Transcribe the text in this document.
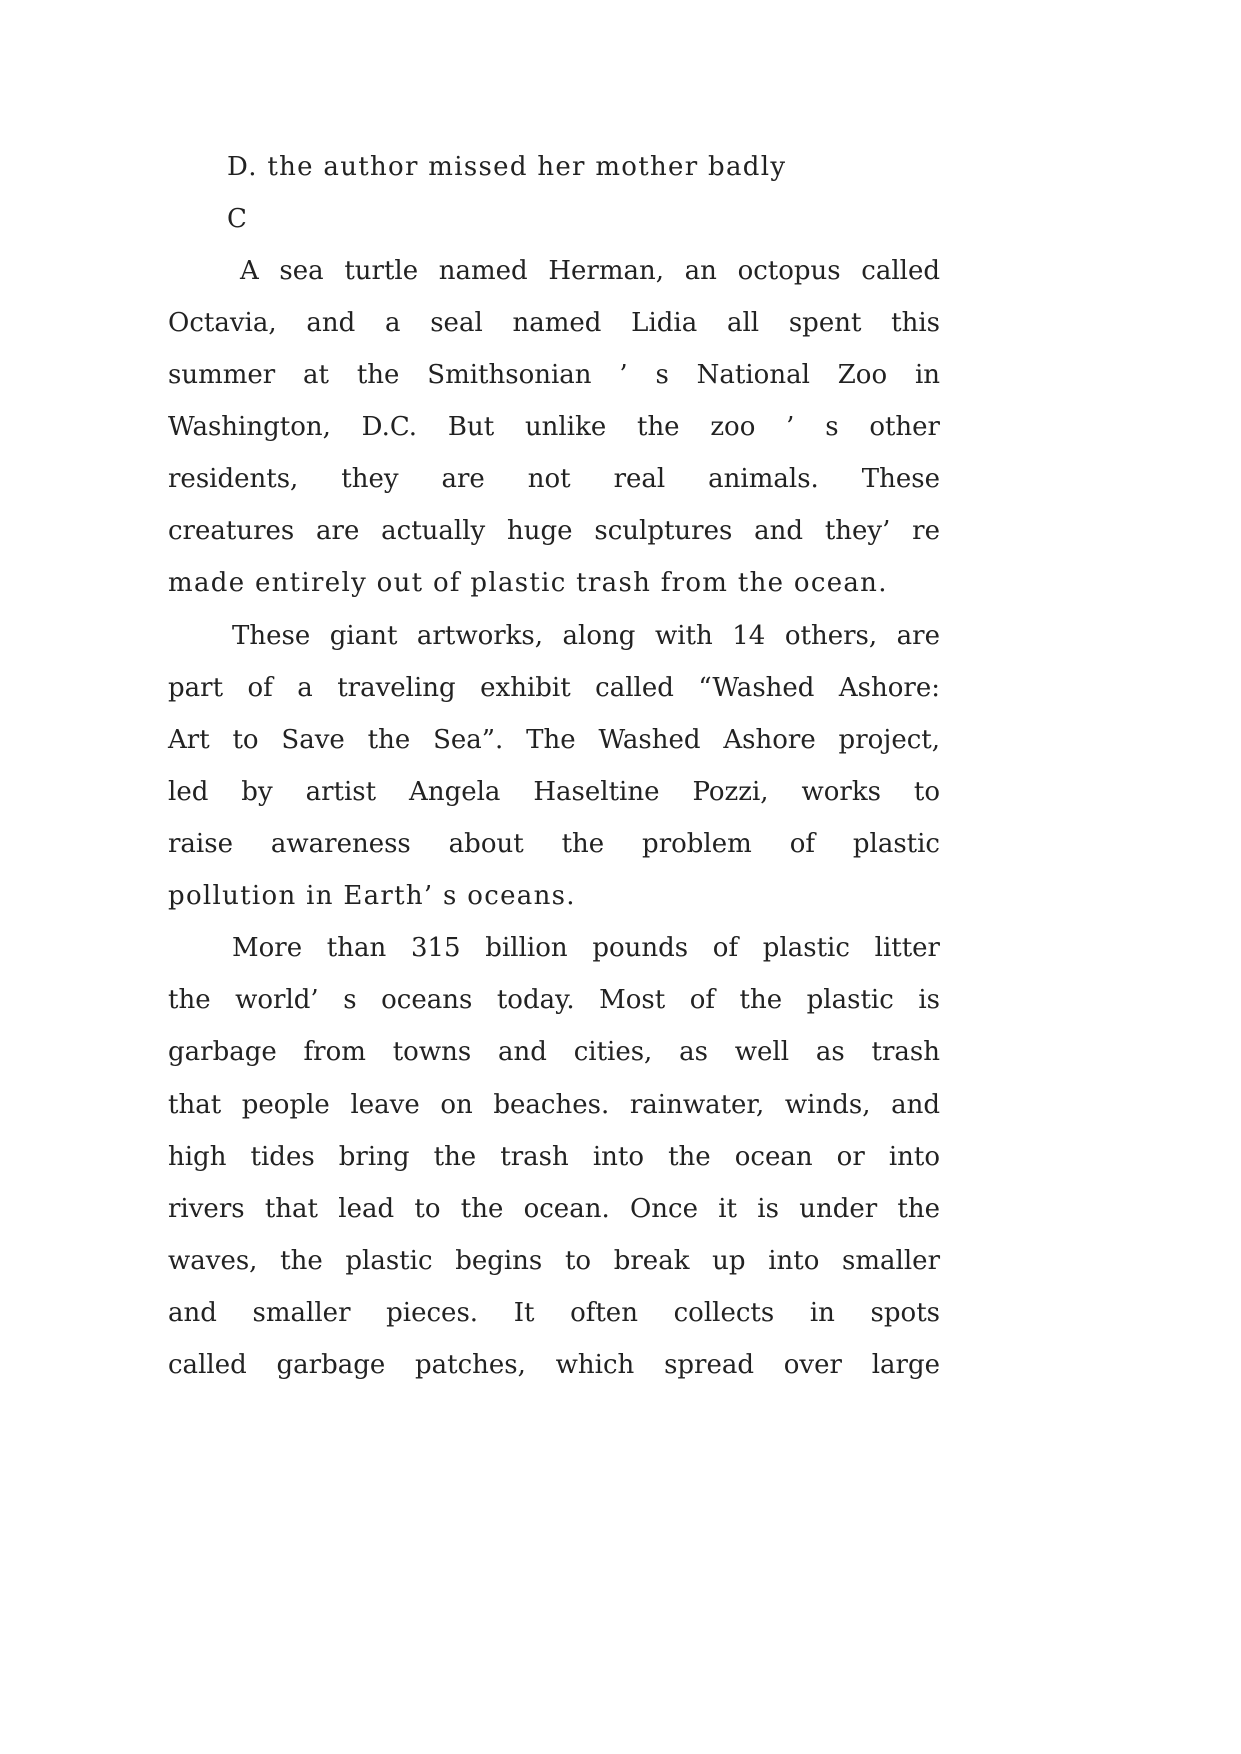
D. the author missed her mother badly
C
A sea turtle named Herman, an octopus called
Octavia, and a seal named Lidia all spent this
summer at the Smithsonian ’ s National Zoo in
Washington, D.C. But unlike the zoo ’ s other
residents, they are not real animals. These
creatures are actually huge sculptures and they’ re
made entirely out of plastic trash from the ocean.
These giant artworks, along with 14 others, are
part of a traveling exhibit called “Washed Ashore:
Art to Save the Sea”. The Washed Ashore project,
led by artist Angela Haseltine Pozzi, works to
raise awareness about the problem of plastic
pollution in Earth’ s oceans.
More than 315 billion pounds of plastic litter
the world’ s oceans today. Most of the plastic is
garbage from towns and cities, as well as trash
that people leave on beaches. rainwater, winds, and
high tides bring the trash into the ocean or into
rivers that lead to the ocean. Once it is under the
waves, the plastic begins to break up into smaller
and smaller pieces. It often collects in spots
called garbage patches, which spread over large
